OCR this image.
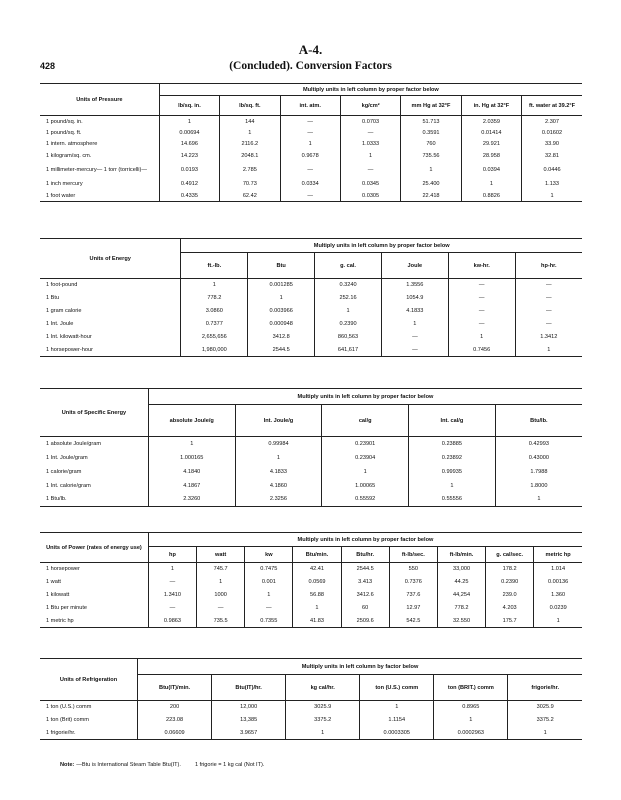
428
A-4.
(Concluded). Conversion Factors
Units of Pressure	Multiply units in left column by proper factor below						
	lb/sq. in.	lb/sq. ft.	int. atm.	kg/cm²	mm Hg at 32°F	in. Hg at 32°F	ft. water at 39.2°F
1 pound/sq. in.	1	144	—	0.0703	51.713	2.0359	2.307
1 pound/sq. ft.	0.00694	1	—	—	0.3591	0.01414	0.01602
1 intern. atmosphere	14.696	2116.2	1	1.0333	760	29.921	33.90
1 kilogram/sq. cm.	14.223	2048.1	0.9678	1	735.56	28.958	32.81
1 millimeter-mercury— 1 torr (torricelli)—	0.0193	2.785	—	—	1	0.0394	0.0446
1 inch mercury	0.4912	70.73	0.0334	0.0345	25.400	1	1.133
1 foot water	0.4335	62.42	—	0.0305	22.418	0.8826	1
Units of Energy	Multiply units in left column by proper factor below					
	ft.-lb.	Btu	g. cal.	Joule	kw-hr.	hp-hr.
1 foot-pound	1	0.001285	0.3240	1.3556	—	—
1 Btu	778.2	1	252.16	1054.9	—	—
1 gram calorie	3.0860	0.003966	1	4.1833	—	—
1 Int. Joule	0.7377	0.000948	0.2390	1	—	—
1 Int. kilowatt-hour	2,655,656	3412.8	860,563	—	1	1.3412
1 horsepower-hour	1,980,000	2544.5	641,617	—	0.7456	1
Units of Specific Energy	Multiply units in left column by proper factor below				
	absolute Joule/g	Int. Joule/g	cal/g	Int. cal/g	Btu/lb.
1 absolute Joule/gram	1	0.99984	0.23901	0.23885	0.42993
1 Int. Joule/gram	1.000165	1	0.23904	0.23892	0.43000
1 calorie/gram	4.1840	4.1833	1	0.99935	1.7988
1 Int. calorie/gram	4.1867	4.1860	1.00065	1	1.8000
1 Btu/lb.	2.3260	2.3256	0.55592	0.55556	1
Units of Power (rates of energy use)	Multiply units in left column by proper factor below								
	hp	watt	kw	Btu/min.	Btu/hr.	ft-lb/sec.	ft-lb/min.	g. cal/sec.	metric hp
1 horsepower	1	745.7	0.7475	42.41	2544.5	550	33,000	178.2	1.014
1 watt	—	1	0.001	0.0569	3.413	0.7376	44.25	0.2390	0.00136
1 kilowatt	1.3410	1000	1	56.88	3412.6	737.6	44,254	239.0	1.360
1 Btu per minute	—	—	—	1	60	12.97	778.2	4.203	0.0239
1 metric hp	0.9863	735.5	0.7355	41.83	2509.6	542.5	32.550	175.7	1
Units of Refrigeration	Multiply units in left column by factor below					
	Btu(IT)/min.	Btu(IT)/hr.	kg cal/hr.	ton (U.S.) comm	ton (BRIT.) comm	frigorie/hr.
1 ton (U.S.) comm	200	12,000	3025.9	1	0.8965	3025.9
1 ton (Brit) comm	223.08	13,385	3375.2	1.1154	1	3375.2
1 frigorie/hr.	0.06609	3.9657	1	0.0003305	0.0002963	1
Note: —Btu is International Steam Table Btu(IT).	1 frigorie = 1 kg cal (Not IT).
